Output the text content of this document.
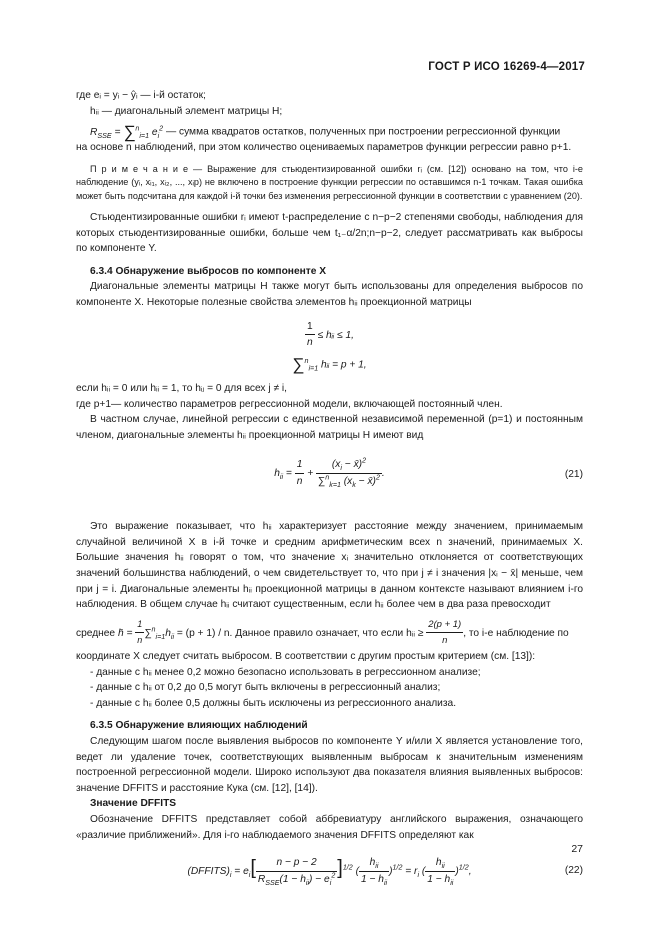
ГОСТ Р ИСО 16269-4—2017

где eᵢ = yᵢ − ŷᵢ — i-й остаток;

hᵢᵢ — диагональный элемент матрицы H;

$R_{SSE} = \sum^n_{i=1}$ $e_i^2$ — сумма квадратов остатков, полученных при построении регрессионной функции

на основе n наблюдений, при этом количество оцениваемых параметров функции регрессии равно p+1.

П р и м е ч а н и е — Выражение для стьюдентизированной ошибки rᵢ (см. [12]) основано на том, что i-е наблюдение (yᵢ, xᵢ₁, xᵢ₂, ..., xᵢp) не включено в построение функции регрессии по оставшимся n-1 точкам. Такая ошибка может быть подсчитана для каждой i-й точки без изменения регрессионной функции в соответствии с уравнением (20).

Стьюдентизированные ошибки rᵢ имеют t-распределение с n−p−2 степенями свободы, наблюдения для которых стьюдентизированные ошибки, больше чем t₁₋α/2n;n−p−2, следует рассматривать как выбросы по компоненте Y.

6.3.4 Обнаружение выбросов по компоненте X

Диагональные элементы матрицы H также могут быть использованы для определения выбросов по компоненте X. Некоторые полезные свойства элементов hᵢᵢ проекционной матрицы

$\frac{1}{n}$ ≤ hᵢᵢ ≤ 1,
∑$^n_{i=1}$ hᵢᵢ = p + 1,

если hᵢᵢ = 0 или hᵢᵢ = 1, то hᵢⱼ = 0 для всех j ≠ i,

где p+1— количество параметров регрессионной модели, включающей постоянный член.

В частном случае, линейной регрессии с единственной независимой переменной (p=1) и постоянным членом, диагональные элементы hᵢᵢ проекционной матрицы H имеют вид

$h_{ii} = \frac{1}{n} + \frac{(x_i - x̄)^2}{\sum^n_{k=1} (x_k - x̄)^2}$ .	(21)

Это выражение показывает, что hᵢᵢ характеризует расстояние между значением, принимаемым случайной величиной X в i-й точке и средним арифметическим всех n значений, принимаемых X. Большие значения hᵢᵢ говорят о том, что значение xᵢ значительно отклоняется от соответствующих значений большинства наблюдений, о чем свидетельствует то, что при j ≠ i значения |xᵢ − x̄| меньше, чем при j = i. Диагональные элементы hᵢᵢ проекционной матрицы в данном контексте называют влиянием i-го наблюдения. В общем случае hᵢᵢ считают существенным, если hᵢᵢ более чем в два раза превосходит

среднее h̄ = $\frac{1}{n} \sum^n_{i=1}h_{ii} = (p + 1) / n$. Данное правило означает, что если hᵢᵢ ≥ $\frac{2(p + 1)}{n}$ , то i-е наблюдение по

координате X следует считать выбросом. В соответствии с другим простым критерием (см. [13]):

- данные с hᵢᵢ менее 0,2 можно безопасно использовать в регрессионном анализе;

- данные с hᵢᵢ от 0,2 до 0,5 могут быть включены в регрессионный анализ;

- данные с hᵢᵢ более 0,5 должны быть исключены из регрессионного анализа.

6.3.5 Обнаружение влияющих наблюдений

Следующим шагом после выявления выбросов по компоненте Y и/или X является установление того, ведет ли удаление точек, соответствующих выявленным выбросам к значительным изменениям построенной регрессионной модели. Широко используют два показателя влияния выявленных выбросов: значение DFFITS и расстояние Кука (см. [12], [14]).

Значение DFFITS

Обозначение DFFITS представляет собой аббревиатуру английского выражения, означающего «различие приближений». Для i-го наблюдаемого значения DFFITS определяют как

$(DFFITS)_i = e_i$[	n − p − 2
$R_{SSE}(1 - h_{ii}) - e_i^2$ ]$^{1/2}$ (
$h_{ii}$
$1 - h_{ii}$
)$^{1/2} = r_i$ (
$h_{ii}$
$1 - h_{ii}$
)$^{1/2}$,	(22)
27
